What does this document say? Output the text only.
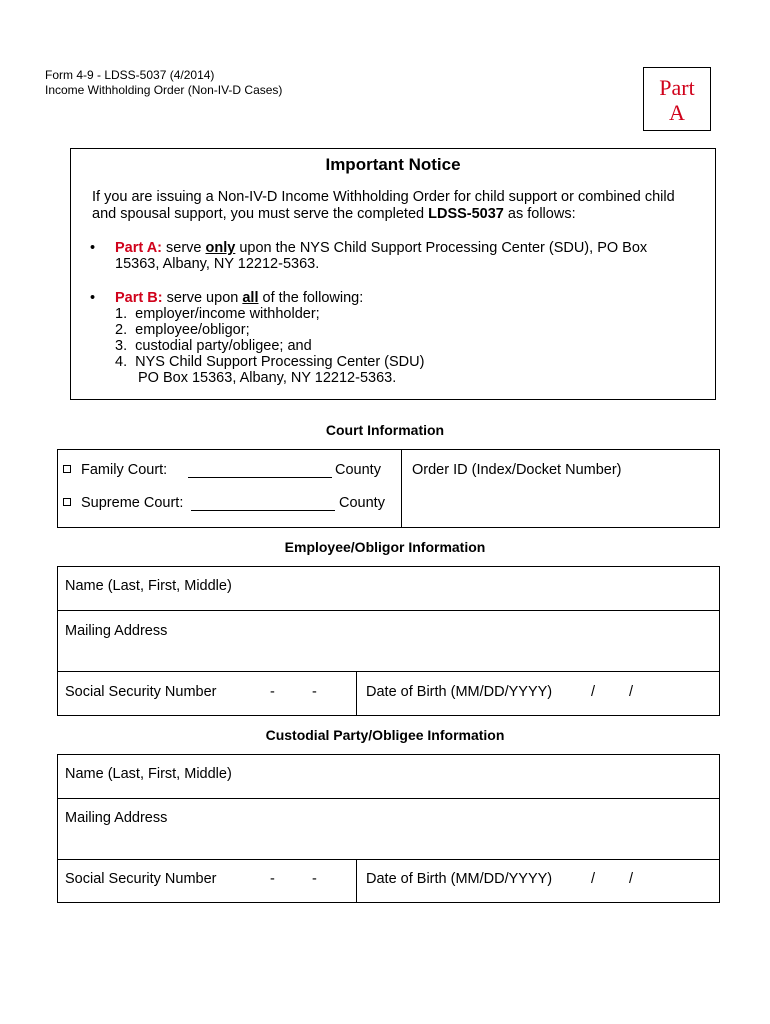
Form 4-9 - LDSS-5037 (4/2014)
Income Withholding Order (Non-IV-D Cases)	Part
A
Important Notice
If you are issuing a Non-IV-D Income Withholding Order for child support or combined child and spousal support, you must serve the completed LDSS-5037 as follows:
• Part A: serve only upon the NYS Child Support Processing Center (SDU), PO Box 15363, Albany, NY 12212-5363.
• Part B: serve upon all of the following:
1.  employer/income withholder;
2.  employee/obligor;
3.  custodial party/obligee; and
4.  NYS Child Support Processing Center (SDU)
PO Box 15363, Albany, NY 12212-5363.
Court Information
Family Court:	County
Supreme Court:	County
Order ID (Index/Docket Number)
Employee/Obligor Information
Name (Last, First, Middle)
Mailing Address
Social Security Number	-	-	Date of Birth (MM/DD/YYYY)	/ /
Custodial Party/Obligee Information
Name (Last, First, Middle)
Mailing Address
Social Security Number	-	-	Date of Birth (MM/DD/YYYY)	/ /
